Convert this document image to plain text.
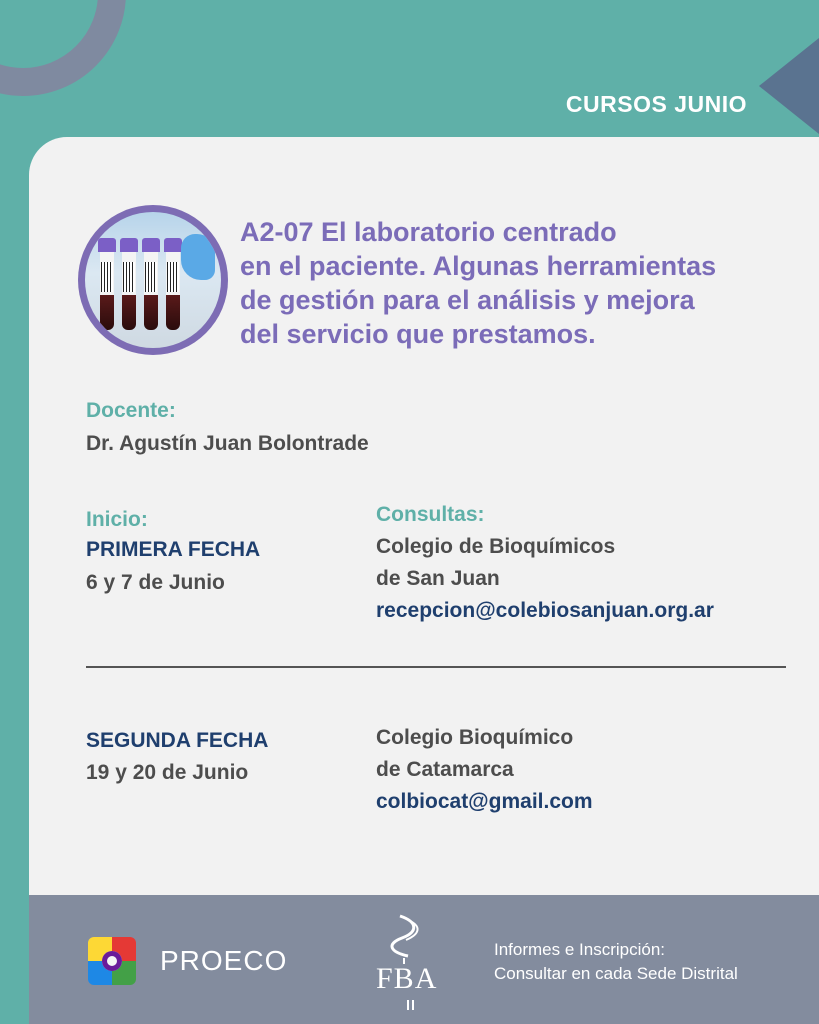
CURSOS JUNIO
A2-07 El laboratorio centrado
en el paciente. Algunas herramientas
de gestión para el análisis y mejora
del servicio que prestamos.
Docente:
Dr. Agustín Juan Bolontrade
Inicio:
PRIMERA FECHA
6 y 7 de Junio
Consultas:
Colegio de Bioquímicos
de San Juan
recepcion@colebiosanjuan.org.ar
SEGUNDA FECHA
19 y 20 de Junio
Colegio Bioquímico
de Catamarca
colbiocat@gmail.com
PROECO
FBA
Informes e Inscripción:
Consultar en cada Sede Distrital
